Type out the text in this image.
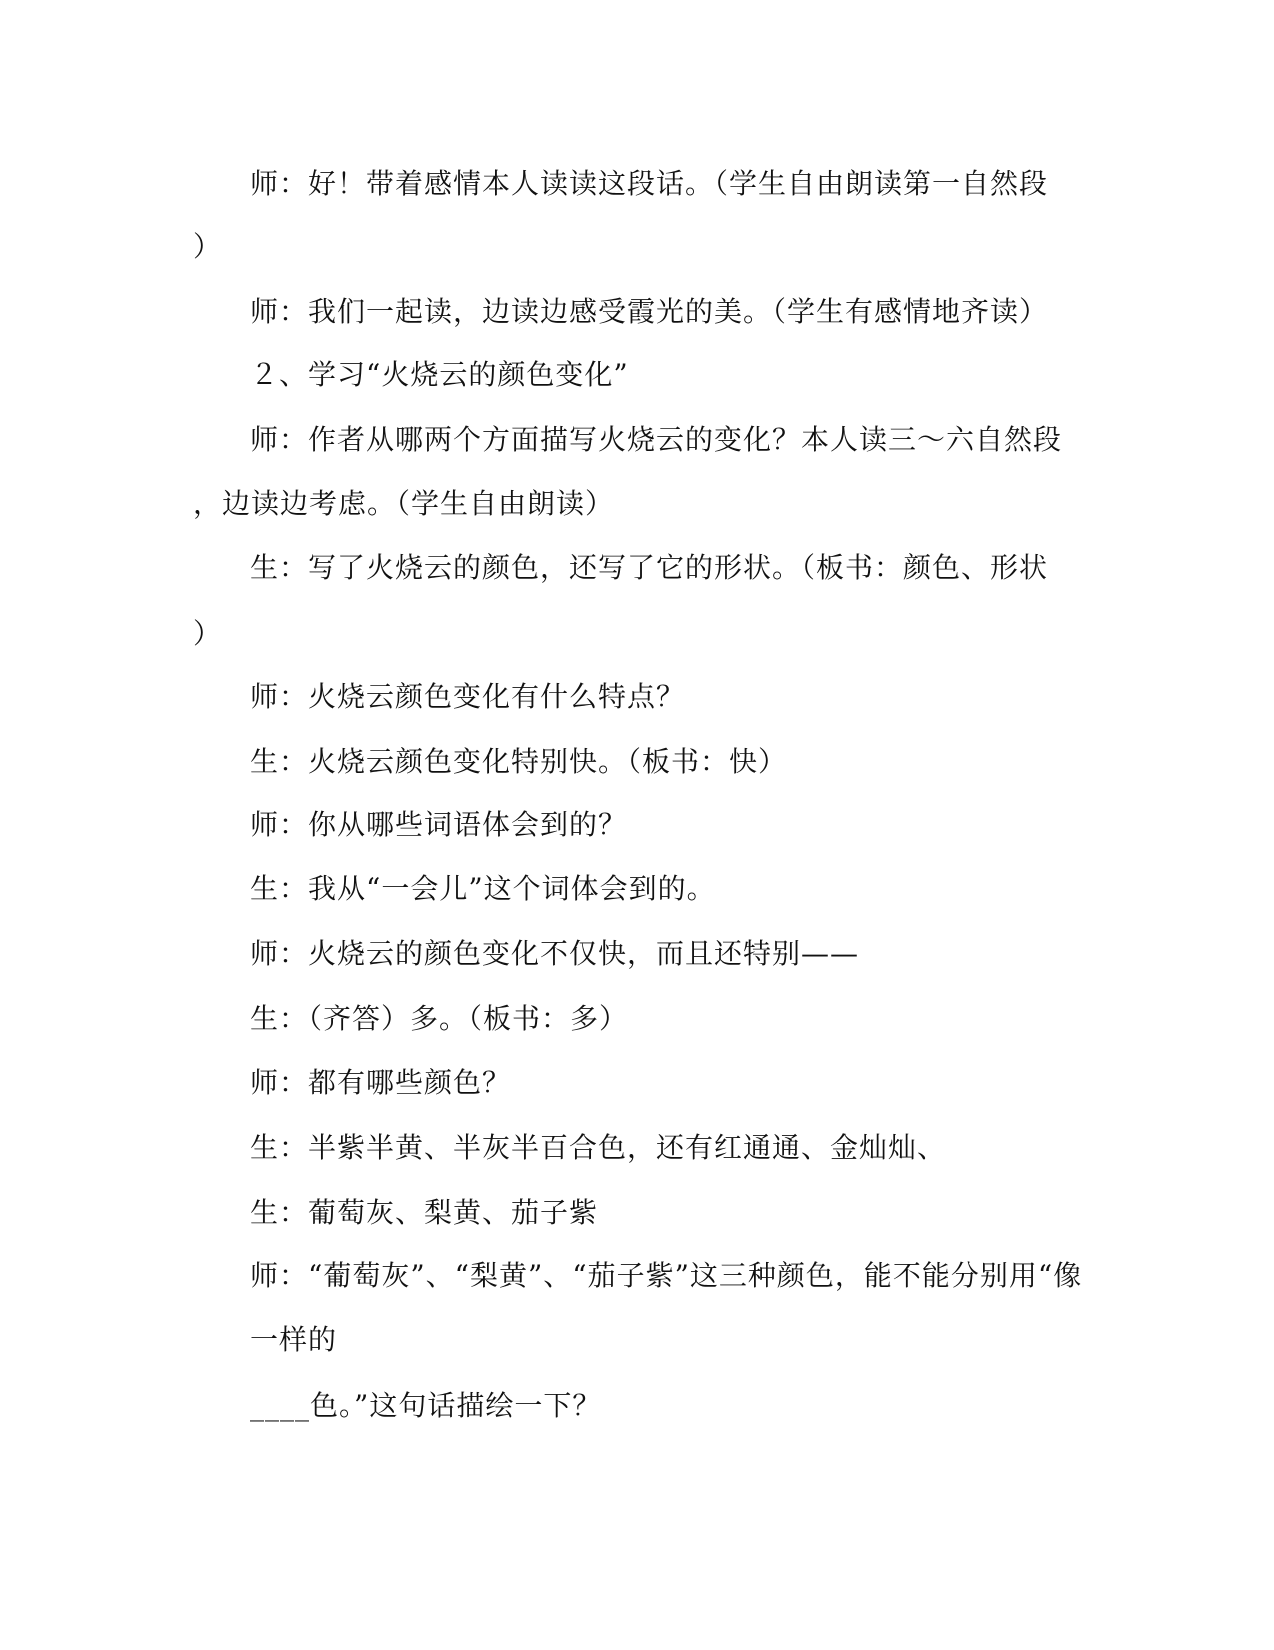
师：好！带着感情本人读读这段话。（学生自由朗读第一自然段
）
师：我们一起读，边读边感受霞光的美。（学生有感情地齐读）
２、学习“火烧云的颜色变化”
师：作者从哪两个方面描写火烧云的变化？本人读三～六自然段
，边读边考虑。（学生自由朗读）
生：写了火烧云的颜色，还写了它的形状。（板书：颜色、形状
）
师：火烧云颜色变化有什么特点？
生：火烧云颜色变化特别快。（板书：快）
师：你从哪些词语体会到的？
生：我从“一会儿”这个词体会到的。
师：火烧云的颜色变化不仅快，而且还特别——
生：（齐答）多。（板书：多）
师：都有哪些颜色？
生：半紫半黄、半灰半百合色，还有红通通、金灿灿、
生：葡萄灰、梨黄、茄子紫
师：“葡萄灰”、“梨黄”、“茄子紫”这三种颜色，能不能分别用“像
一样的
____色。”这句话描绘一下？
